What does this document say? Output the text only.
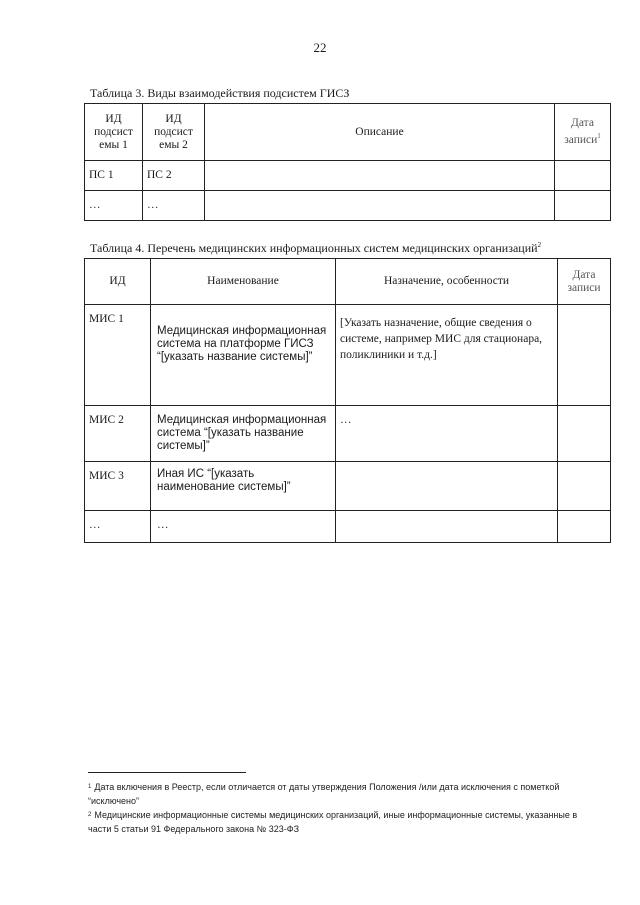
22
Таблица 3. Виды взаимодействия подсистем ГИСЗ
ИД подсист емы 1	ИД подсист емы 2	Описание	Дата записи$^1$
ПС 1	ПС 2		
…	…		
Таблица 4. Перечень медицинских информационных систем медицинских организаций$^2$
ИД	Наименование	Назначение, особенности	Дата записи
МИС 1	Медицинская информационная система на платформе ГИСЗ “[указать название системы]”	[Указать назначение, общие сведения о системе, например МИС для стационара, поликлиники и т.д.]	
МИС 2	Медицинская информационная система “[указать название системы]”	…	
МИС 3	Иная ИС “[указать наименование системы]”		
…	…		
$^1$ Дата включения в Реестр, если отличается от даты утверждения Положения /или дата исключения с пометкой “исключено”
$^2$ Медицинские информационные системы медицинских организаций, иные информационные системы, указанные в части 5 статьи 91 Федерального закона № 323-ФЗ
